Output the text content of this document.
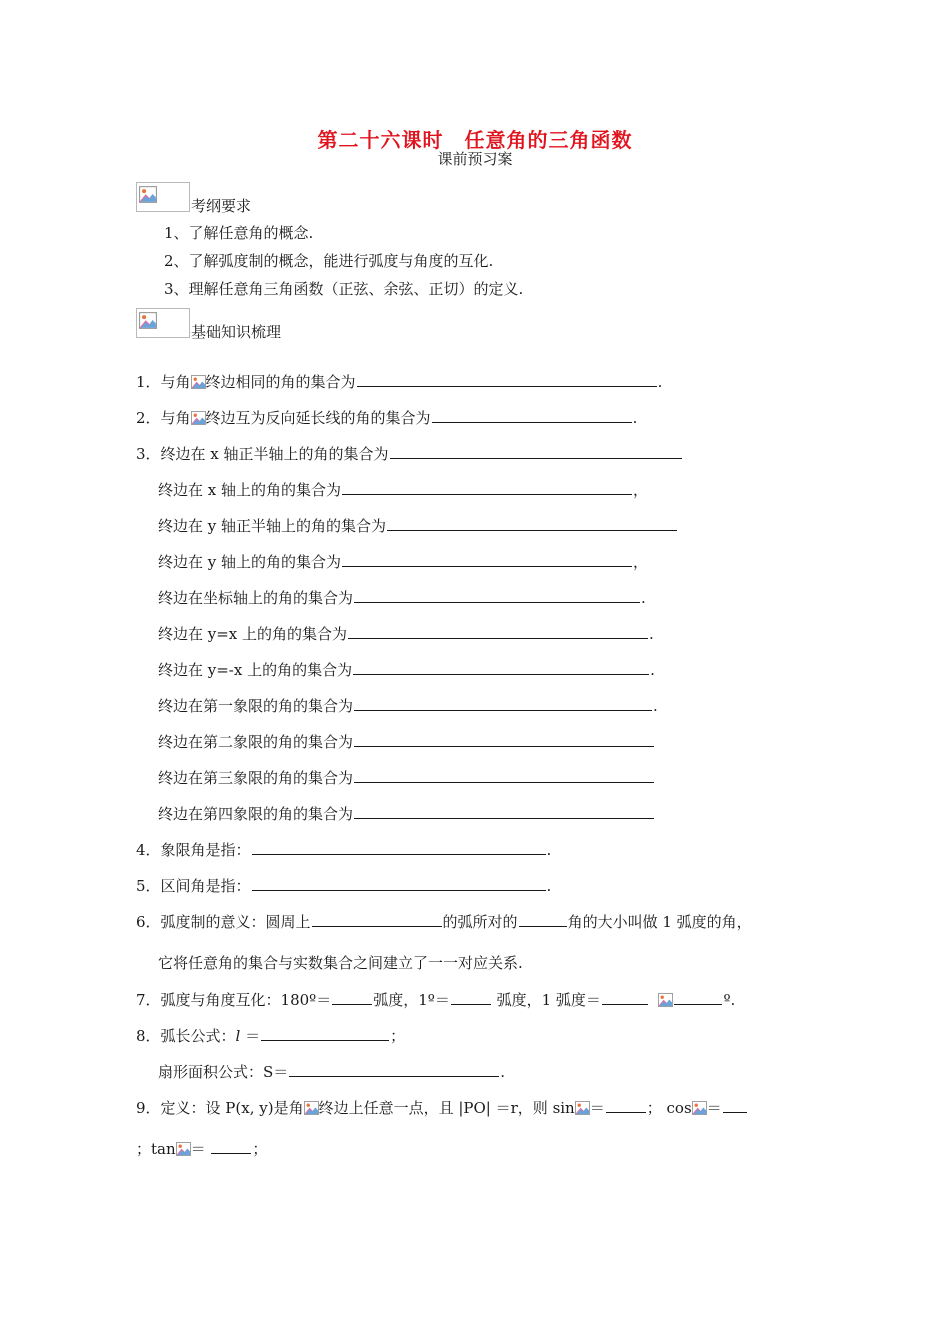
第二十六课时　任意角的三角函数
课前预习案
考纲要求
1、了解任意角的概念.
2、了解弧度制的概念，能进行弧度与角度的互化.
3、理解任意角三角函数（正弦、余弦、正切）的定义.
基础知识梳理
1．与角 终边相同的角的集合为	.
2．与角 终边互为反向延长线的角的集合为	.
3．终边在 x 轴正半轴上的角的集合为
终边在 x 轴上的角的集合为	，
终边在 y 轴正半轴上的角的集合为
终边在 y 轴上的角的集合为	，
终边在坐标轴上的角的集合为	.
终边在 y=x 上的角的集合为	.
终边在 y=-x 上的角的集合为	.
终边在第一象限的角的集合为	.
终边在第二象限的角的集合为
终边在第三象限的角的集合为
终边在第四象限的角的集合为
4．象限角是指：	.
5．区间角是指：	.
6．弧度制的意义：圆周上	的弧所对的	角的大小叫做 1 弧度的角，
它将任意角的集合与实数集合之间建立了一一对应关系.
7．弧度与角度互化：180º＝	弧度，1º＝	弧度，1 弧度＝	º.
8．弧长公式：l ＝	；
扇形面积公式：S＝	.
9．定义：设 P(x, y)是角 终边上任意一点，且 |PO| ＝r，则 sin ＝	； cos ＝
；tan ＝	；
